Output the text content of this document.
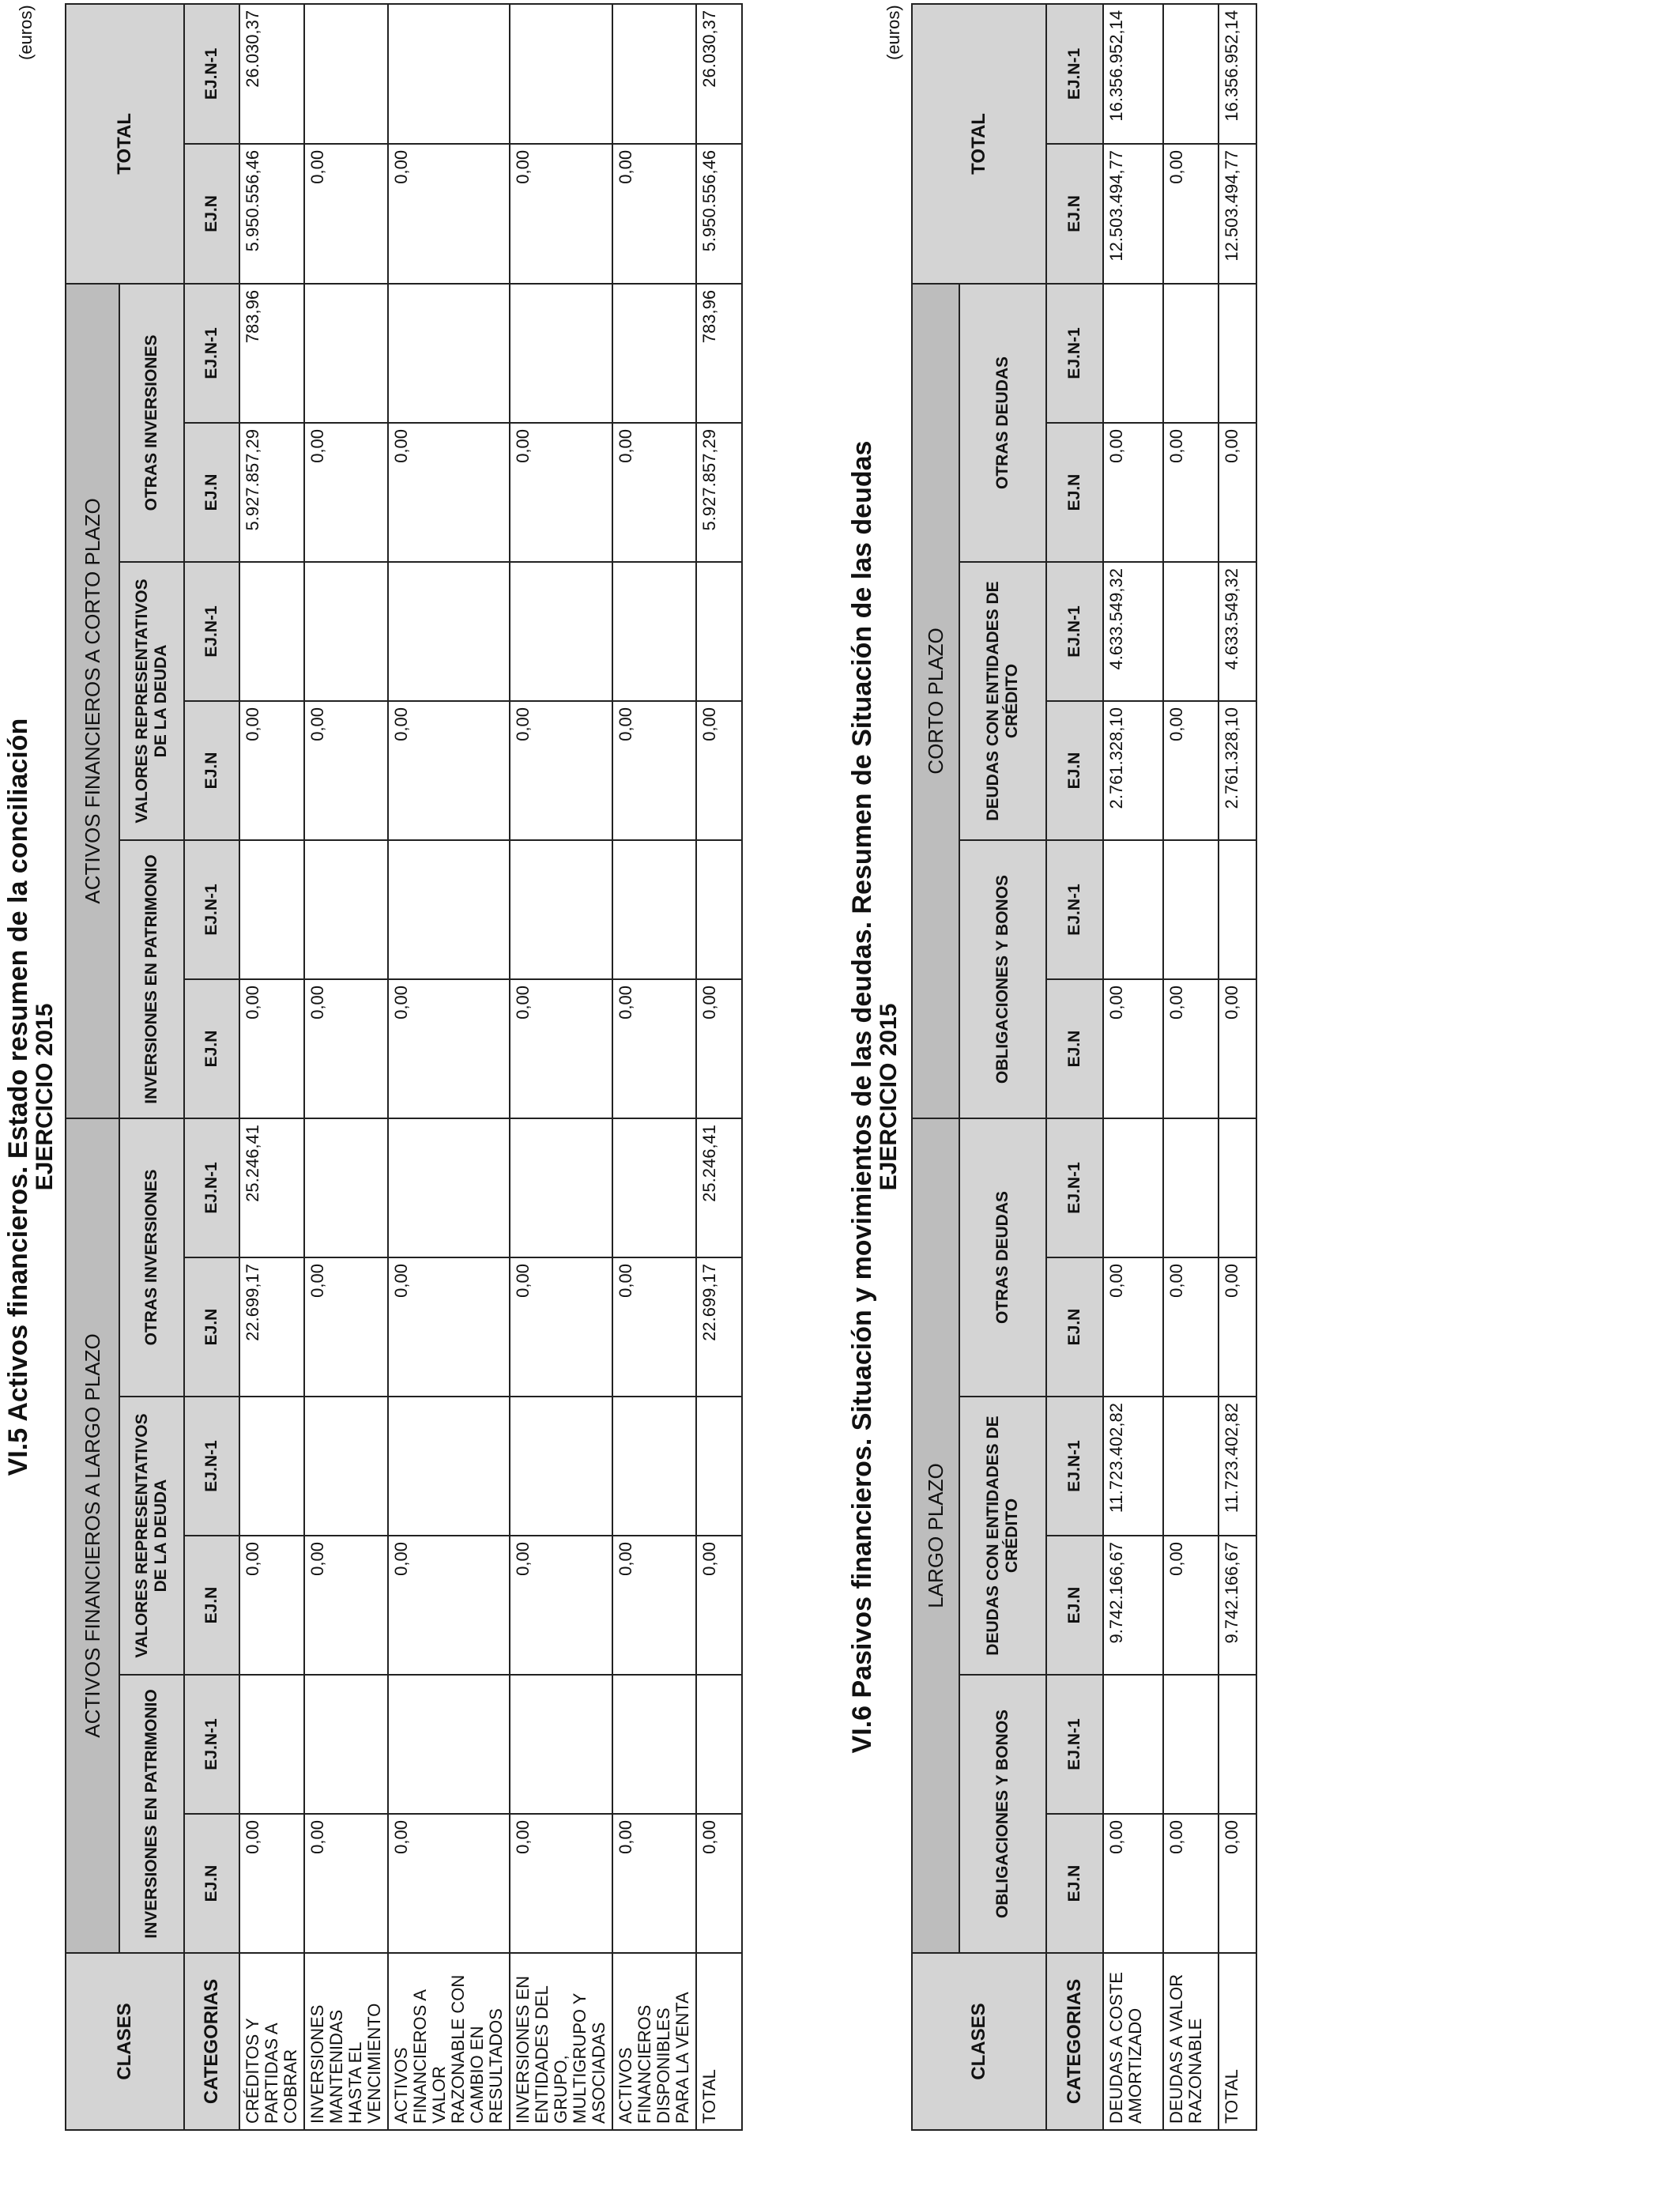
VI.5 Activos financieros. Estado resumen de la conciliación
EJERCICIO 2015
(euros)
CLASES	ACTIVOS FINANCIEROS A LARGO PLAZO						ACTIVOS FINANCIEROS A CORTO PLAZO						TOTAL	
	INVERSIONES EN PATRIMONIO		VALORES REPRESENTATIVOS DE LA DEUDA		OTRAS INVERSIONES		INVERSIONES EN PATRIMONIO		VALORES REPRESENTATIVOS DE LA DEUDA		OTRAS INVERSIONES			
CATEGORIAS	EJ.N	EJ.N-1	EJ.N	EJ.N-1	EJ.N	EJ.N-1	EJ.N	EJ.N-1	EJ.N	EJ.N-1	EJ.N	EJ.N-1	EJ.N	EJ.N-1
CRÉDITOS Y PARTIDAS A COBRAR	0,00		0,00		22.699,17	25.246,41	0,00		0,00		5.927.857,29	783,96	5.950.556,46	26.030,37
INVERSIONES MANTENIDAS HASTA EL VENCIMIENTO	0,00		0,00		0,00		0,00		0,00		0,00		0,00	
ACTIVOS FINANCIEROS A VALOR RAZONABLE CON CAMBIO EN RESULTADOS	0,00		0,00		0,00		0,00		0,00		0,00		0,00	
INVERSIONES EN ENTIDADES DEL GRUPO, MULTIGRUPO Y ASOCIADAS	0,00		0,00		0,00		0,00		0,00		0,00		0,00	
ACTIVOS FINANCIEROS DISPONIBLES PARA LA VENTA	0,00		0,00		0,00		0,00		0,00		0,00		0,00	
TOTAL	0,00		0,00		22.699,17	25.246,41	0,00		0,00		5.927.857,29	783,96	5.950.556,46	26.030,37
VI.6 Pasivos financieros. Situación y movimientos de las deudas. Resumen de Situación de las deudas
EJERCICIO 2015
(euros)
CLASES	LARGO PLAZO						CORTO PLAZO						TOTAL	
	OBLIGACIONES Y BONOS		DEUDAS CON ENTIDADES DE CRÉDITO		OTRAS DEUDAS		OBLIGACIONES Y BONOS		DEUDAS CON ENTIDADES DE CRÉDITO		OTRAS DEUDAS			
CATEGORIAS	EJ.N	EJ.N-1	EJ.N	EJ.N-1	EJ.N	EJ.N-1	EJ.N	EJ.N-1	EJ.N	EJ.N-1	EJ.N	EJ.N-1	EJ.N	EJ.N-1
DEUDAS A COSTE AMORTIZADO	0,00		9.742.166,67	11.723.402,82	0,00		0,00		2.761.328,10	4.633.549,32	0,00		12.503.494,77	16.356.952,14
DEUDAS A VALOR RAZONABLE	0,00		0,00		0,00		0,00		0,00		0,00		0,00	
TOTAL	0,00		9.742.166,67	11.723.402,82	0,00		0,00		2.761.328,10	4.633.549,32	0,00		12.503.494,77	16.356.952,14
